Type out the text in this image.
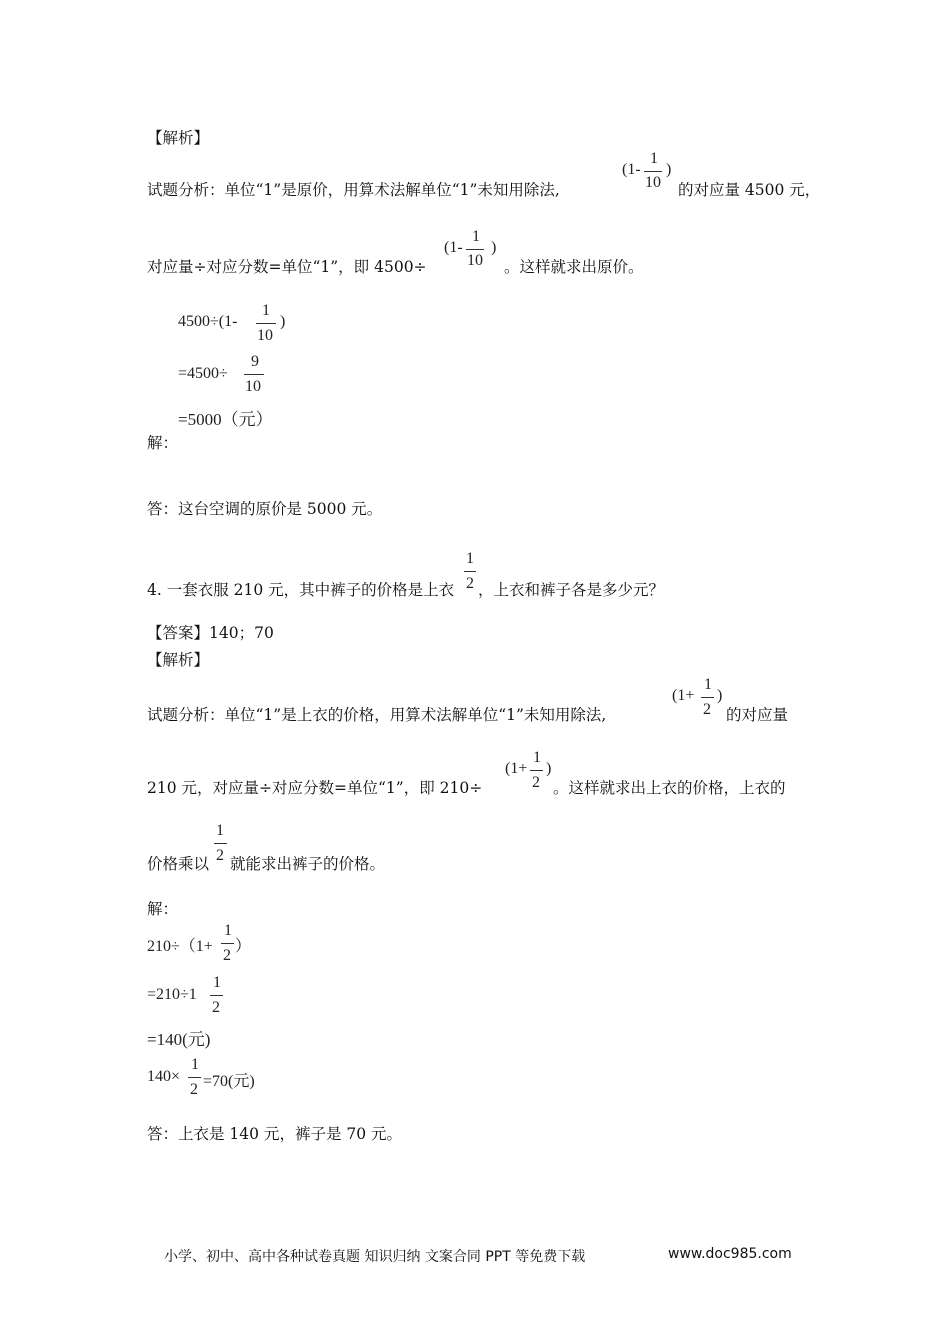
【解析】
试题分析：单位“1”是原价，用算术法解单位“1”未知用除法,
(1-
1
10
)
的对应量 4500 元，
对应量÷对应分数=单位“1”，即 4500÷
(1-
1
10
)
。这样就求出原价。
4500÷(1-
1
10
)
=4500÷
9
10
=5000（元）
解：
答：这台空调的原价是 5000 元。
4. 一套衣服 210 元，其中裤子的价格是上衣
1
2 ，上衣和裤子各是多少元？
【答案】140；70
【解析】
试题分析：单位“1”是上衣的价格，用算术法解单位“1”未知用除法,
(1+
1
2
)
的对应量
210 元，对应量÷对应分数=单位“1”，即 210÷
(1+
1
2
)
。这样就求出上衣的价格，上衣的
价格乘以
1
2 就能求出裤子的价格。
解：
210÷（1+
1
2
）
=210÷1
1
2
=140(元)
140×
1
2 =70(元)
答：上衣是 140 元，裤子是 70 元。
小学、初中、高中各种试卷真题 知识归纳 文案合同 PPT 等免费下载	www.doc985.com
